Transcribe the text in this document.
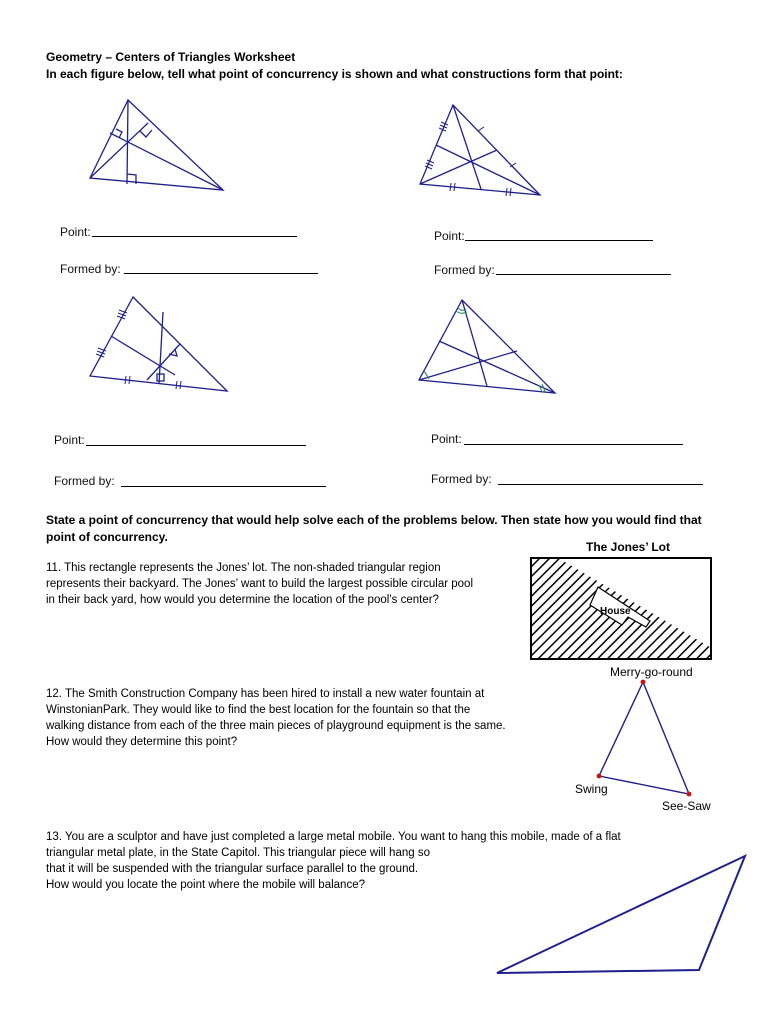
Geometry – Centers of Triangles Worksheet
In each figure below, tell what point of concurrency is shown and what constructions form that point:
Point:
Formed by:
Point:
Formed by:
Point:
Formed by:
Point:
Formed by:
State a point of concurrency that would help solve each of the problems below. Then state how you would find that
point of concurrency.
11. This rectangle represents the Jones’ lot. The non-shaded triangular region
represents their backyard. The Jones’ want to build the largest possible circular pool
in their back yard, how would you determine the location of the pool’s center?
The Jones’ Lot
House
12. The Smith Construction Company has been hired to install a new water fountain at
WinstonianPark. They would like to find the best location for the fountain so that the
walking distance from each of the three main pieces of playground equipment is the same.
How would they determine this point?
Merry-go-round
Swing
See-Saw
13. You are a sculptor and have just completed a large metal mobile. You want to hang this mobile, made of a flat
triangular metal plate, in the State Capitol. This triangular piece will hang so
that it will be suspended with the triangular surface parallel to the ground.
How would you locate the point where the mobile will balance?
